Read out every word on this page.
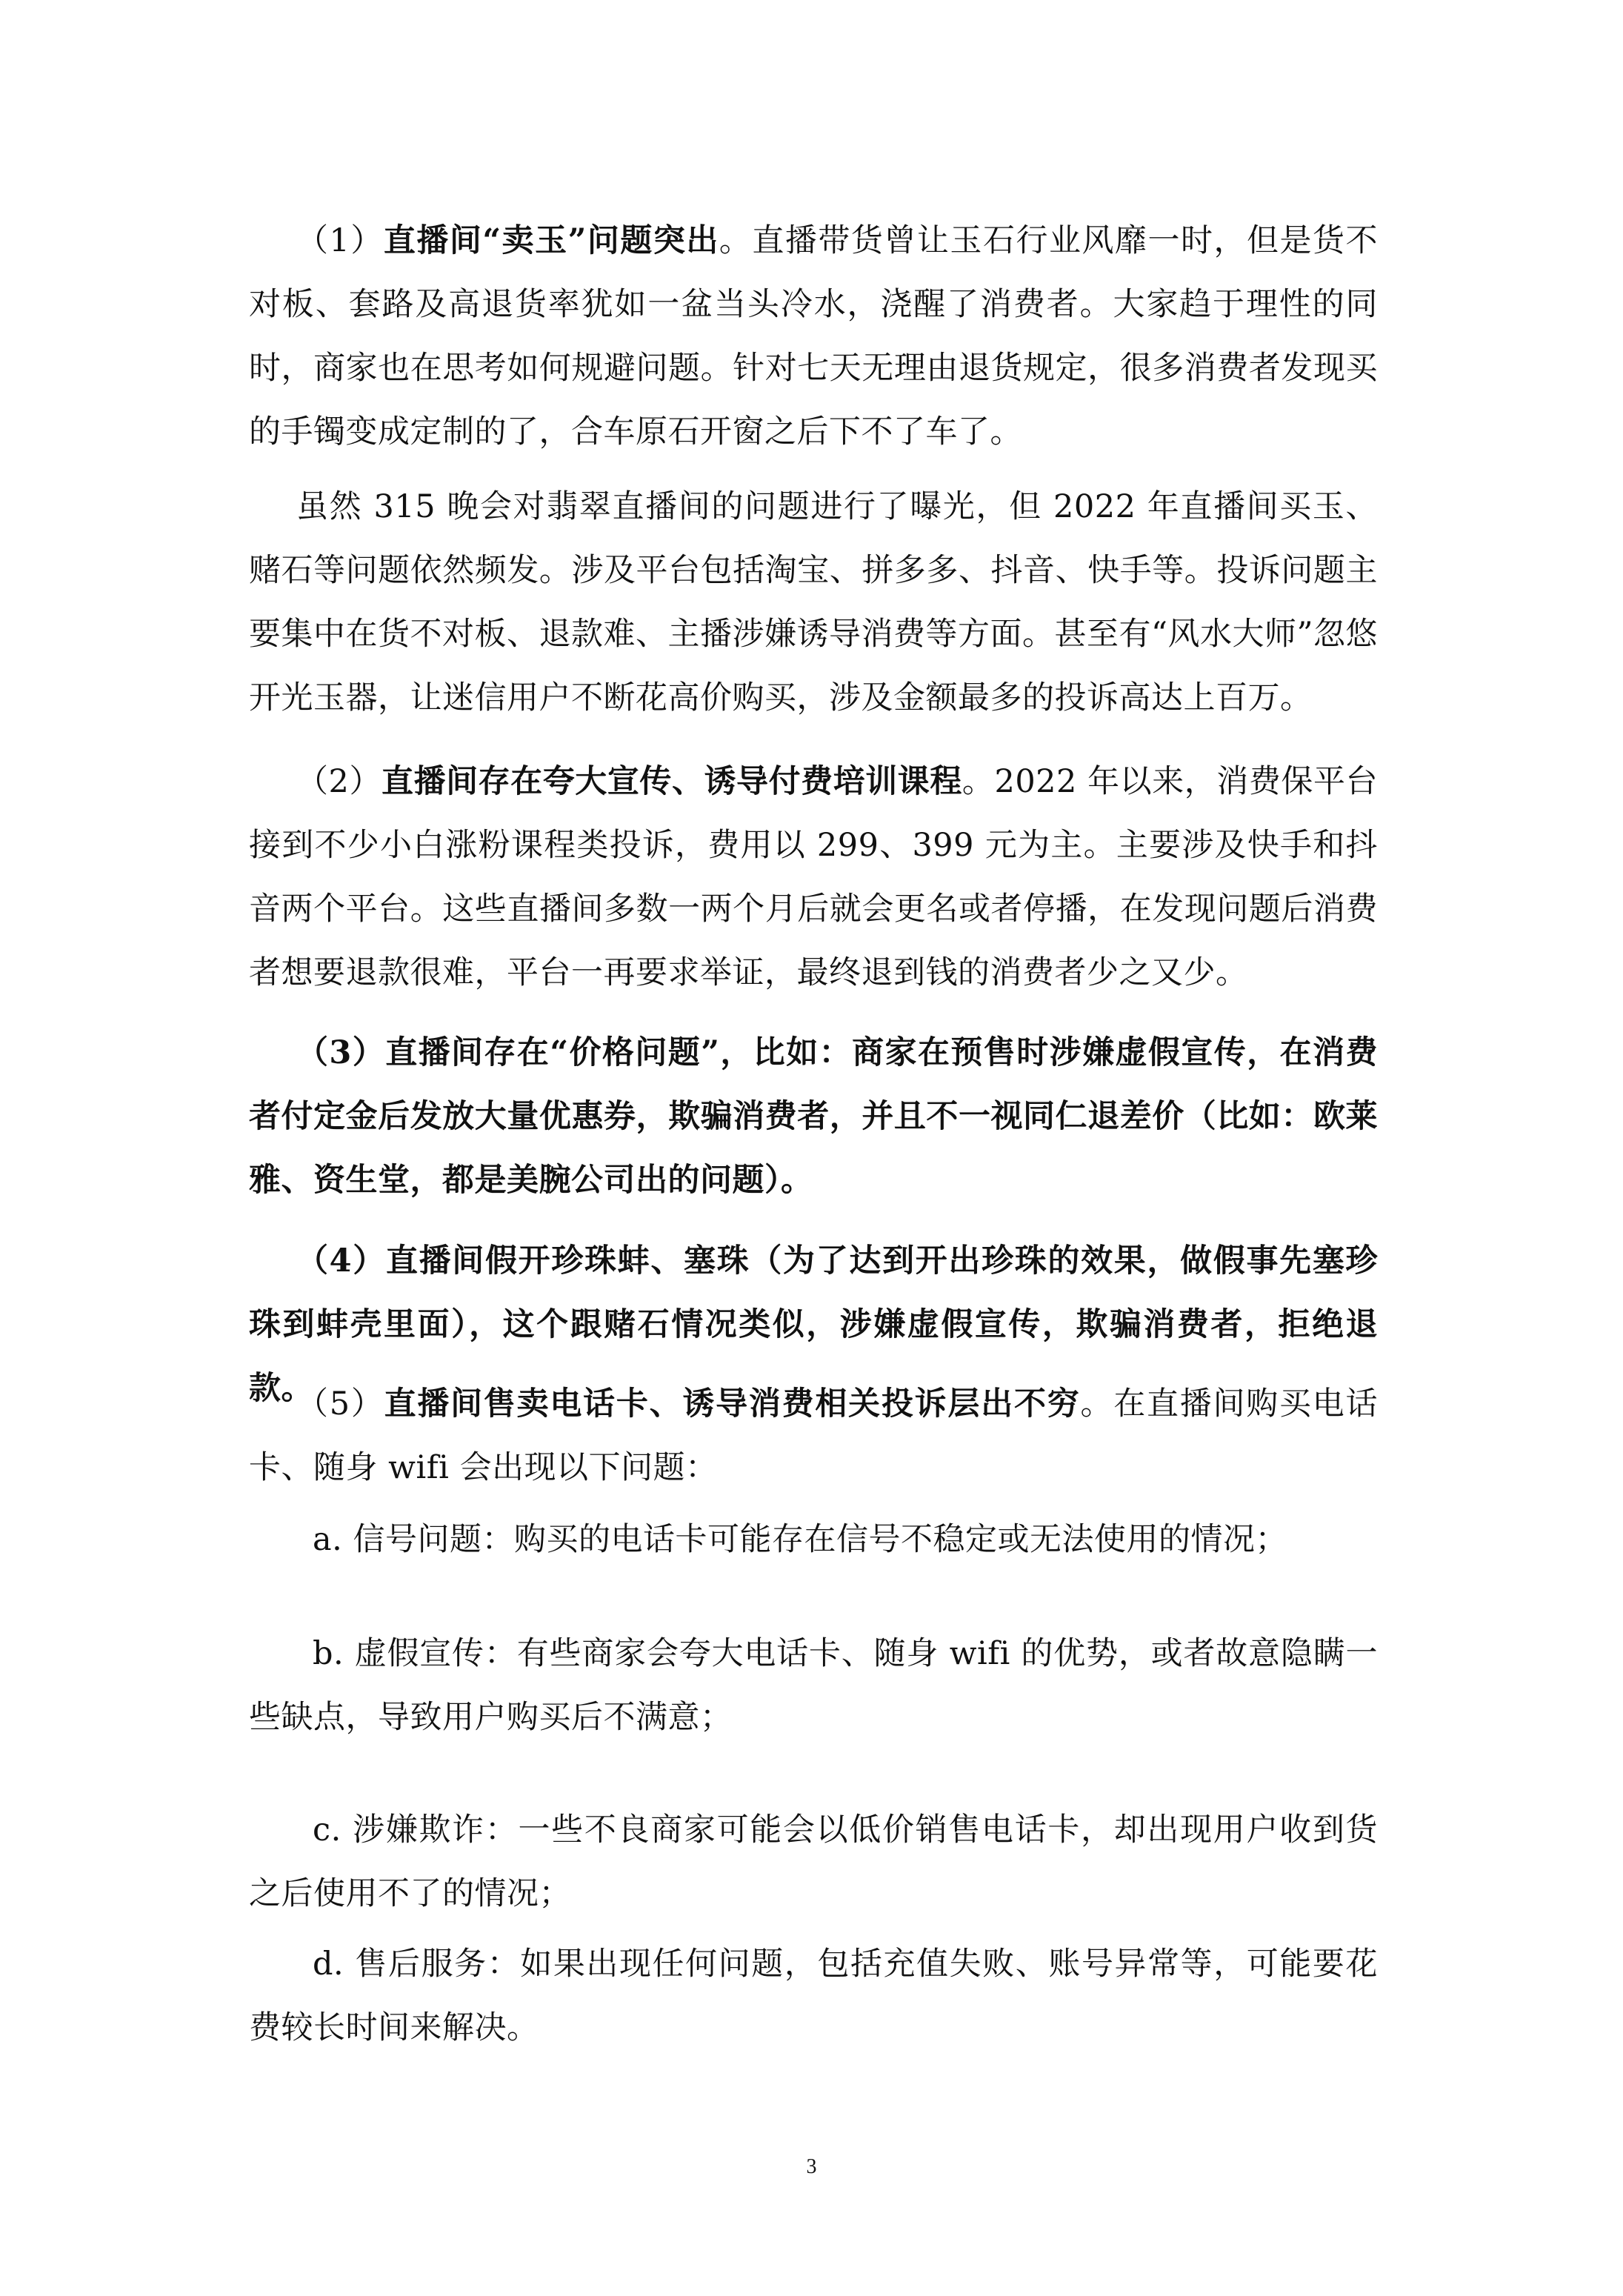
（1）直播间“卖玉”问题突出。直播带货曾让玉石行业风靡一时，但是货不对板、套路及高退货率犹如一盆当头冷水，浇醒了消费者。大家趋于理性的同时，商家也在思考如何规避问题。针对七天无理由退货规定，很多消费者发现买的手镯变成定制的了，合车原石开窗之后下不了车了。

虽然 315 晚会对翡翠直播间的问题进行了曝光，但 2022 年直播间买玉、赌石等问题依然频发。涉及平台包括淘宝、拼多多、抖音、快手等。投诉问题主要集中在货不对板、退款难、主播涉嫌诱导消费等方面。甚至有“风水大师”忽悠开光玉器，让迷信用户不断花高价购买，涉及金额最多的投诉高达上百万。

（2）直播间存在夸大宣传、诱导付费培训课程。2022 年以来，消费保平台接到不少小白涨粉课程类投诉，费用以 299、399 元为主。主要涉及快手和抖音两个平台。这些直播间多数一两个月后就会更名或者停播，在发现问题后消费者想要退款很难，平台一再要求举证，最终退到钱的消费者少之又少。

（3）直播间存在“价格问题”，比如：商家在预售时涉嫌虚假宣传，在消费者付定金后发放大量优惠券，欺骗消费者，并且不一视同仁退差价（比如：欧莱雅、资生堂，都是美腕公司出的问题）。

（4）直播间假开珍珠蚌、塞珠（为了达到开出珍珠的效果，做假事先塞珍珠到蚌壳里面），这个跟赌石情况类似，涉嫌虚假宣传，欺骗消费者，拒绝退款。

（5）直播间售卖电话卡、诱导消费相关投诉层出不穷。在直播间购买电话卡、随身 wifi 会出现以下问题：

a. 信号问题：购买的电话卡可能存在信号不稳定或无法使用的情况；

b. 虚假宣传：有些商家会夸大电话卡、随身 wifi 的优势，或者故意隐瞒一些缺点，导致用户购买后不满意；

c. 涉嫌欺诈：一些不良商家可能会以低价销售电话卡，却出现用户收到货之后使用不了的情况；

d. 售后服务：如果出现任何问题，包括充值失败、账号异常等，可能要花费较长时间来解决。

3
